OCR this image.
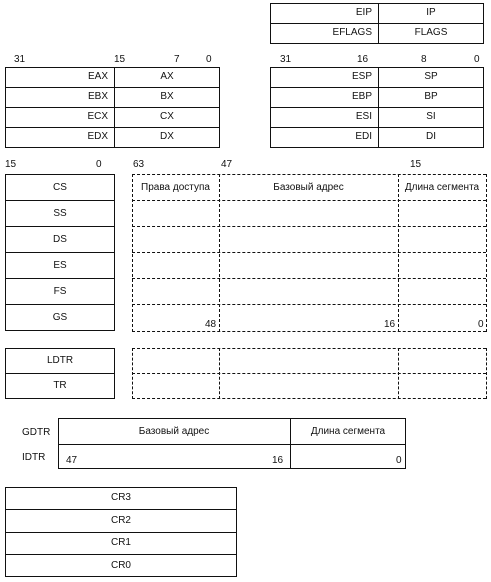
EIP	IP
EFLAGS	FLAGS
31	15	7	0
EAX	AX
EBX	BX
ECX	CX
EDX	DX
31	16	8	0
ESP	SP
EBP	BP
ESI	SI
EDI	DI
15	0
CS
SS
DS
ES
FS
GS
63	47	15
Права доступа	Базовый адрес	Длина сегмента
48	16	0
LDTR
TR
GDTR
IDTR
Базовый адрес	Длина сегмента
47	16	0
CR3
CR2
CR1
CR0
